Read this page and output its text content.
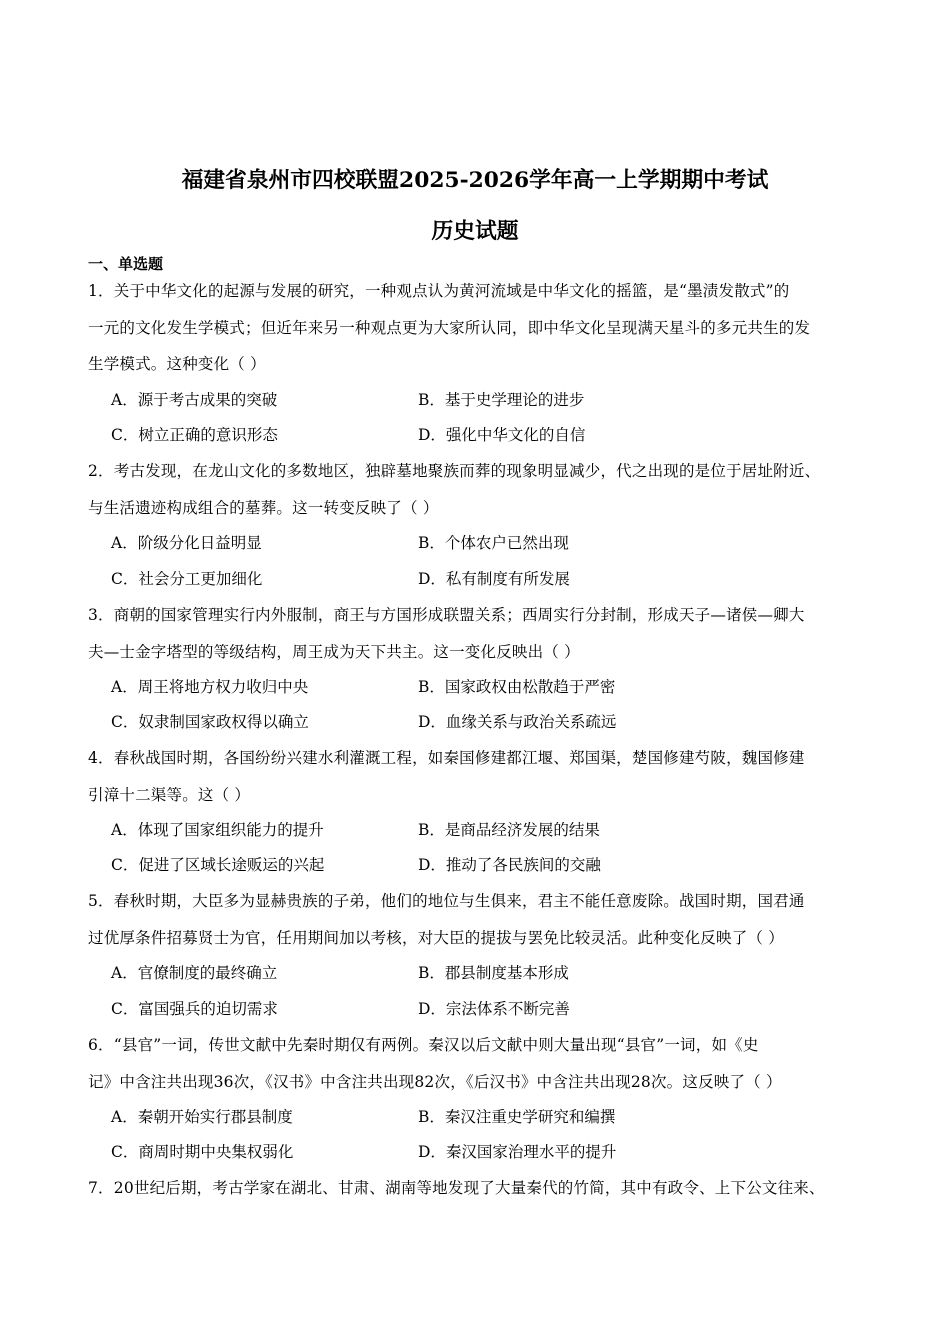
福建省泉州市四校联盟2025-2026学年高一上学期期中考试
历史试题
一、单选题
1．关于中华文化的起源与发展的研究，一种观点认为黄河流域是中华文化的摇篮，是“墨渍发散式”的
一元的文化发生学模式；但近年来另一种观点更为大家所认同，即中华文化呈现满天星斗的多元共生的发
生学模式。这种变化（ ）
A．源于考古成果的突破	B．基于史学理论的进步
C．树立正确的意识形态	D．强化中华文化的自信
2．考古发现，在龙山文化的多数地区，独辟墓地聚族而葬的现象明显减少，代之出现的是位于居址附近、
与生活遗迹构成组合的墓葬。这一转变反映了（ ）
A．阶级分化日益明显	B．个体农户已然出现
C．社会分工更加细化	D．私有制度有所发展
3．商朝的国家管理实行内外服制，商王与方国形成联盟关系；西周实行分封制，形成天子—诸侯—卿大
夫—士金字塔型的等级结构，周王成为天下共主。这一变化反映出（ ）
A．周王将地方权力收归中央	B．国家政权由松散趋于严密
C．奴隶制国家政权得以确立	D．血缘关系与政治关系疏远
4．春秋战国时期，各国纷纷兴建水利灌溉工程，如秦国修建都江堰、郑国渠，楚国修建芍陂，魏国修建
引漳十二渠等。这（ ）
A．体现了国家组织能力的提升	B．是商品经济发展的结果
C．促进了区域长途贩运的兴起	D．推动了各民族间的交融
5．春秋时期，大臣多为显赫贵族的子弟，他们的地位与生俱来，君主不能任意废除。战国时期，国君通
过优厚条件招募贤士为官，任用期间加以考核，对大臣的提拔与罢免比较灵活。此种变化反映了（ ）
A．官僚制度的最终确立	B．郡县制度基本形成
C．富国强兵的迫切需求	D．宗法体系不断完善
6．“县官”一词，传世文献中先秦时期仅有两例。秦汉以后文献中则大量出现“县官”一词，如《史
记》中含注共出现36次，《汉书》中含注共出现82次，《后汉书》中含注共出现28次。这反映了（ ）
A．秦朝开始实行郡县制度	B．秦汉注重史学研究和编撰
C．商周时期中央集权弱化	D．秦汉国家治理水平的提升
7．20世纪后期，考古学家在湖北、甘肃、湖南等地发现了大量秦代的竹简，其中有政令、上下公文往来、
